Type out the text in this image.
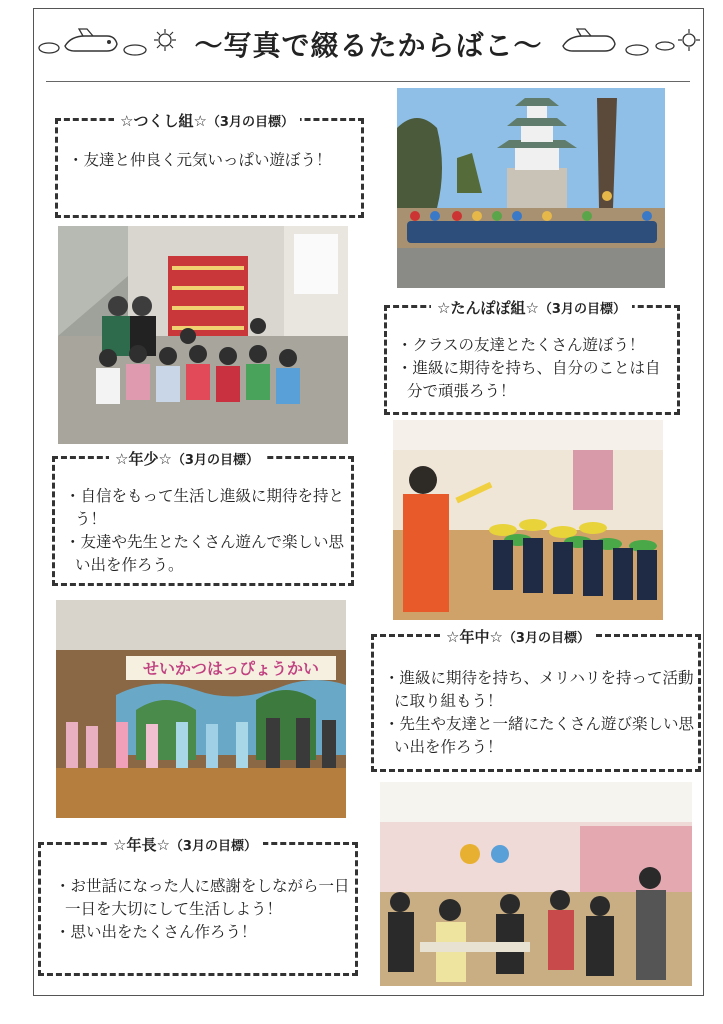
～写真で綴るたからばこ～
☆つくし組☆（3月の目標）
・友達と仲良く元気いっぱい遊ぼう！
☆たんぽぽ組☆（3月の目標）
・クラスの友達とたくさん遊ぼう！
・進級に期待を持ち、自分のことは自分で頑張ろう！
☆年少☆（3月の目標）
・自信をもって生活し進級に期待を持とう！
・友達や先生とたくさん遊んで楽しい思い出を作ろう。
せいかつはっぴょうかい
☆年中☆（3月の目標）
・進級に期待を持ち、メリハリを持って活動に取り組もう！
・先生や友達と一緒にたくさん遊び楽しい思い出を作ろう！
☆年長☆（3月の目標）
・お世話になった人に感謝をしながら一日一日を大切にして生活しよう！
・思い出をたくさん作ろう！
